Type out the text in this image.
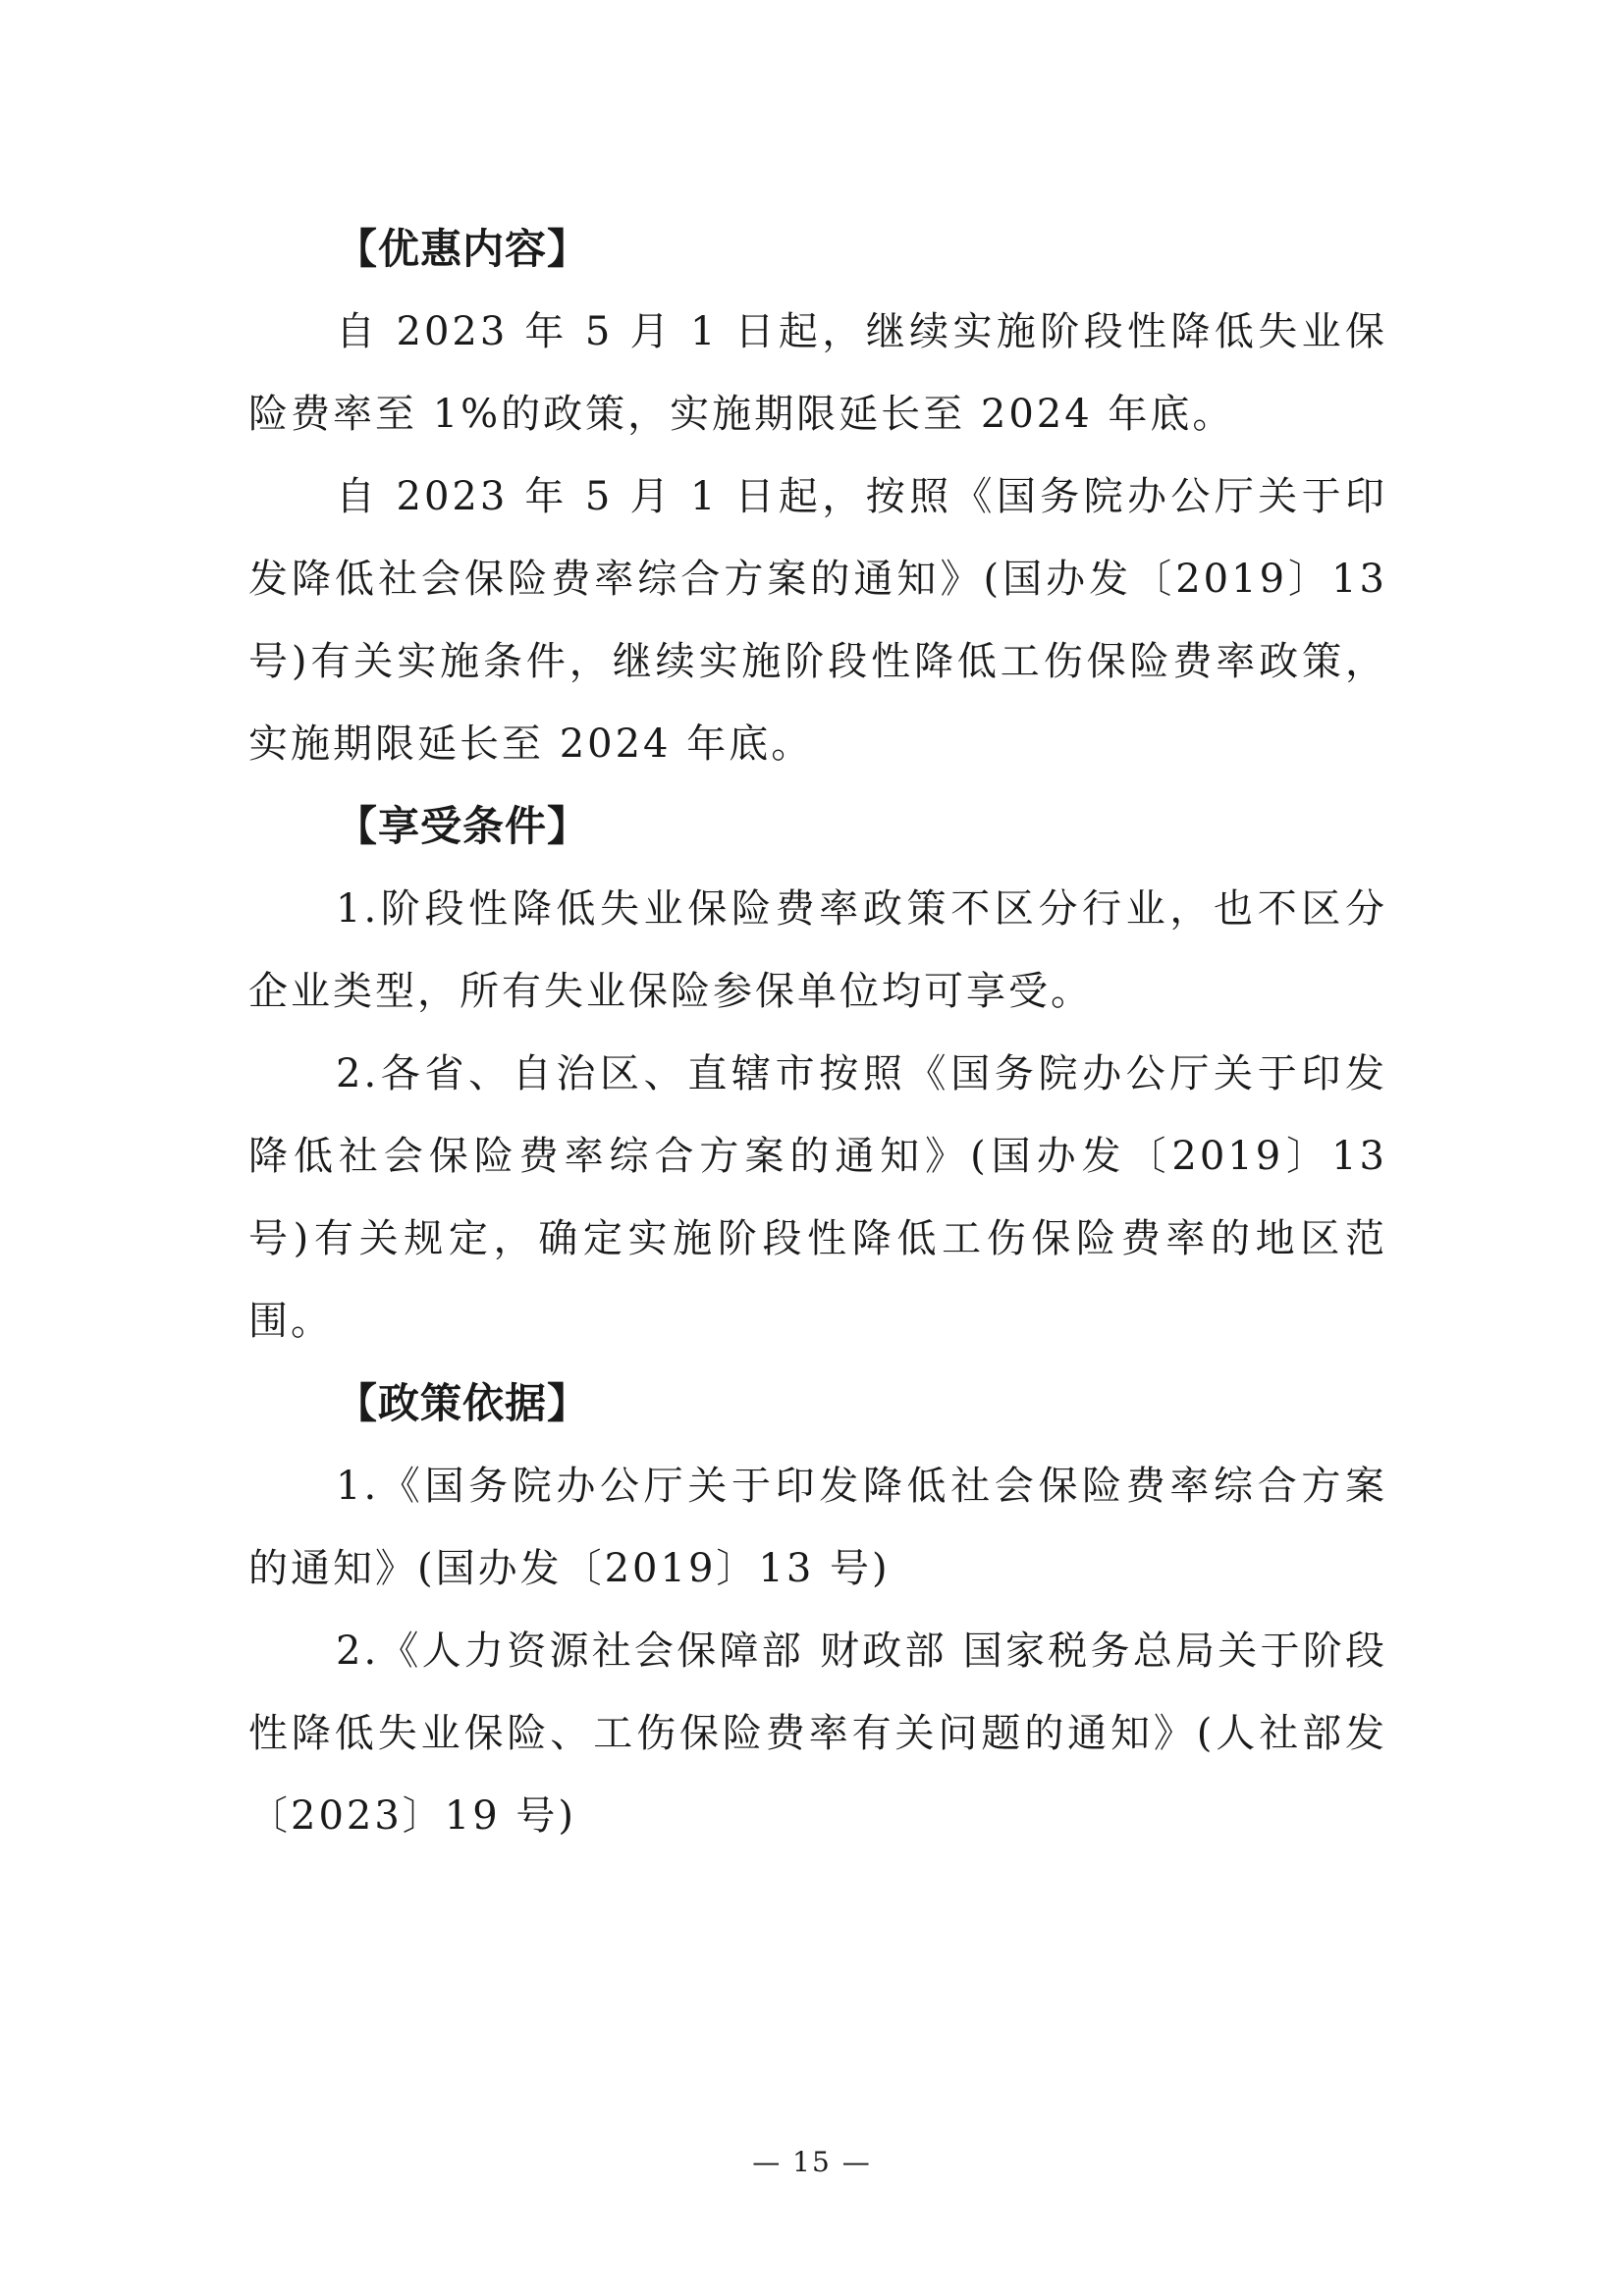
【优惠内容】

自 2023 年 5 月 1 日起，继续实施阶段性降低失业保险费率至 1%的政策，实施期限延长至 2024 年底。

自 2023 年 5 月 1 日起，按照《国务院办公厅关于印发降低社会保险费率综合方案的通知》(国办发〔2019〕13 号)有关实施条件，继续实施阶段性降低工伤保险费率政策，实施期限延长至 2024 年底。

【享受条件】

1.阶段性降低失业保险费率政策不区分行业，也不区分企业类型，所有失业保险参保单位均可享受。

2.各省、自治区、直辖市按照《国务院办公厅关于印发降低社会保险费率综合方案的通知》(国办发〔2019〕13 号)有关规定，确定实施阶段性降低工伤保险费率的地区范围。

【政策依据】

1.《国务院办公厅关于印发降低社会保险费率综合方案的通知》(国办发〔2019〕13 号)

2.《人力资源社会保障部 财政部 国家税务总局关于阶段性降低失业保险、工伤保险费率有关问题的通知》(人社部发〔2023〕19 号)

— 15 —
